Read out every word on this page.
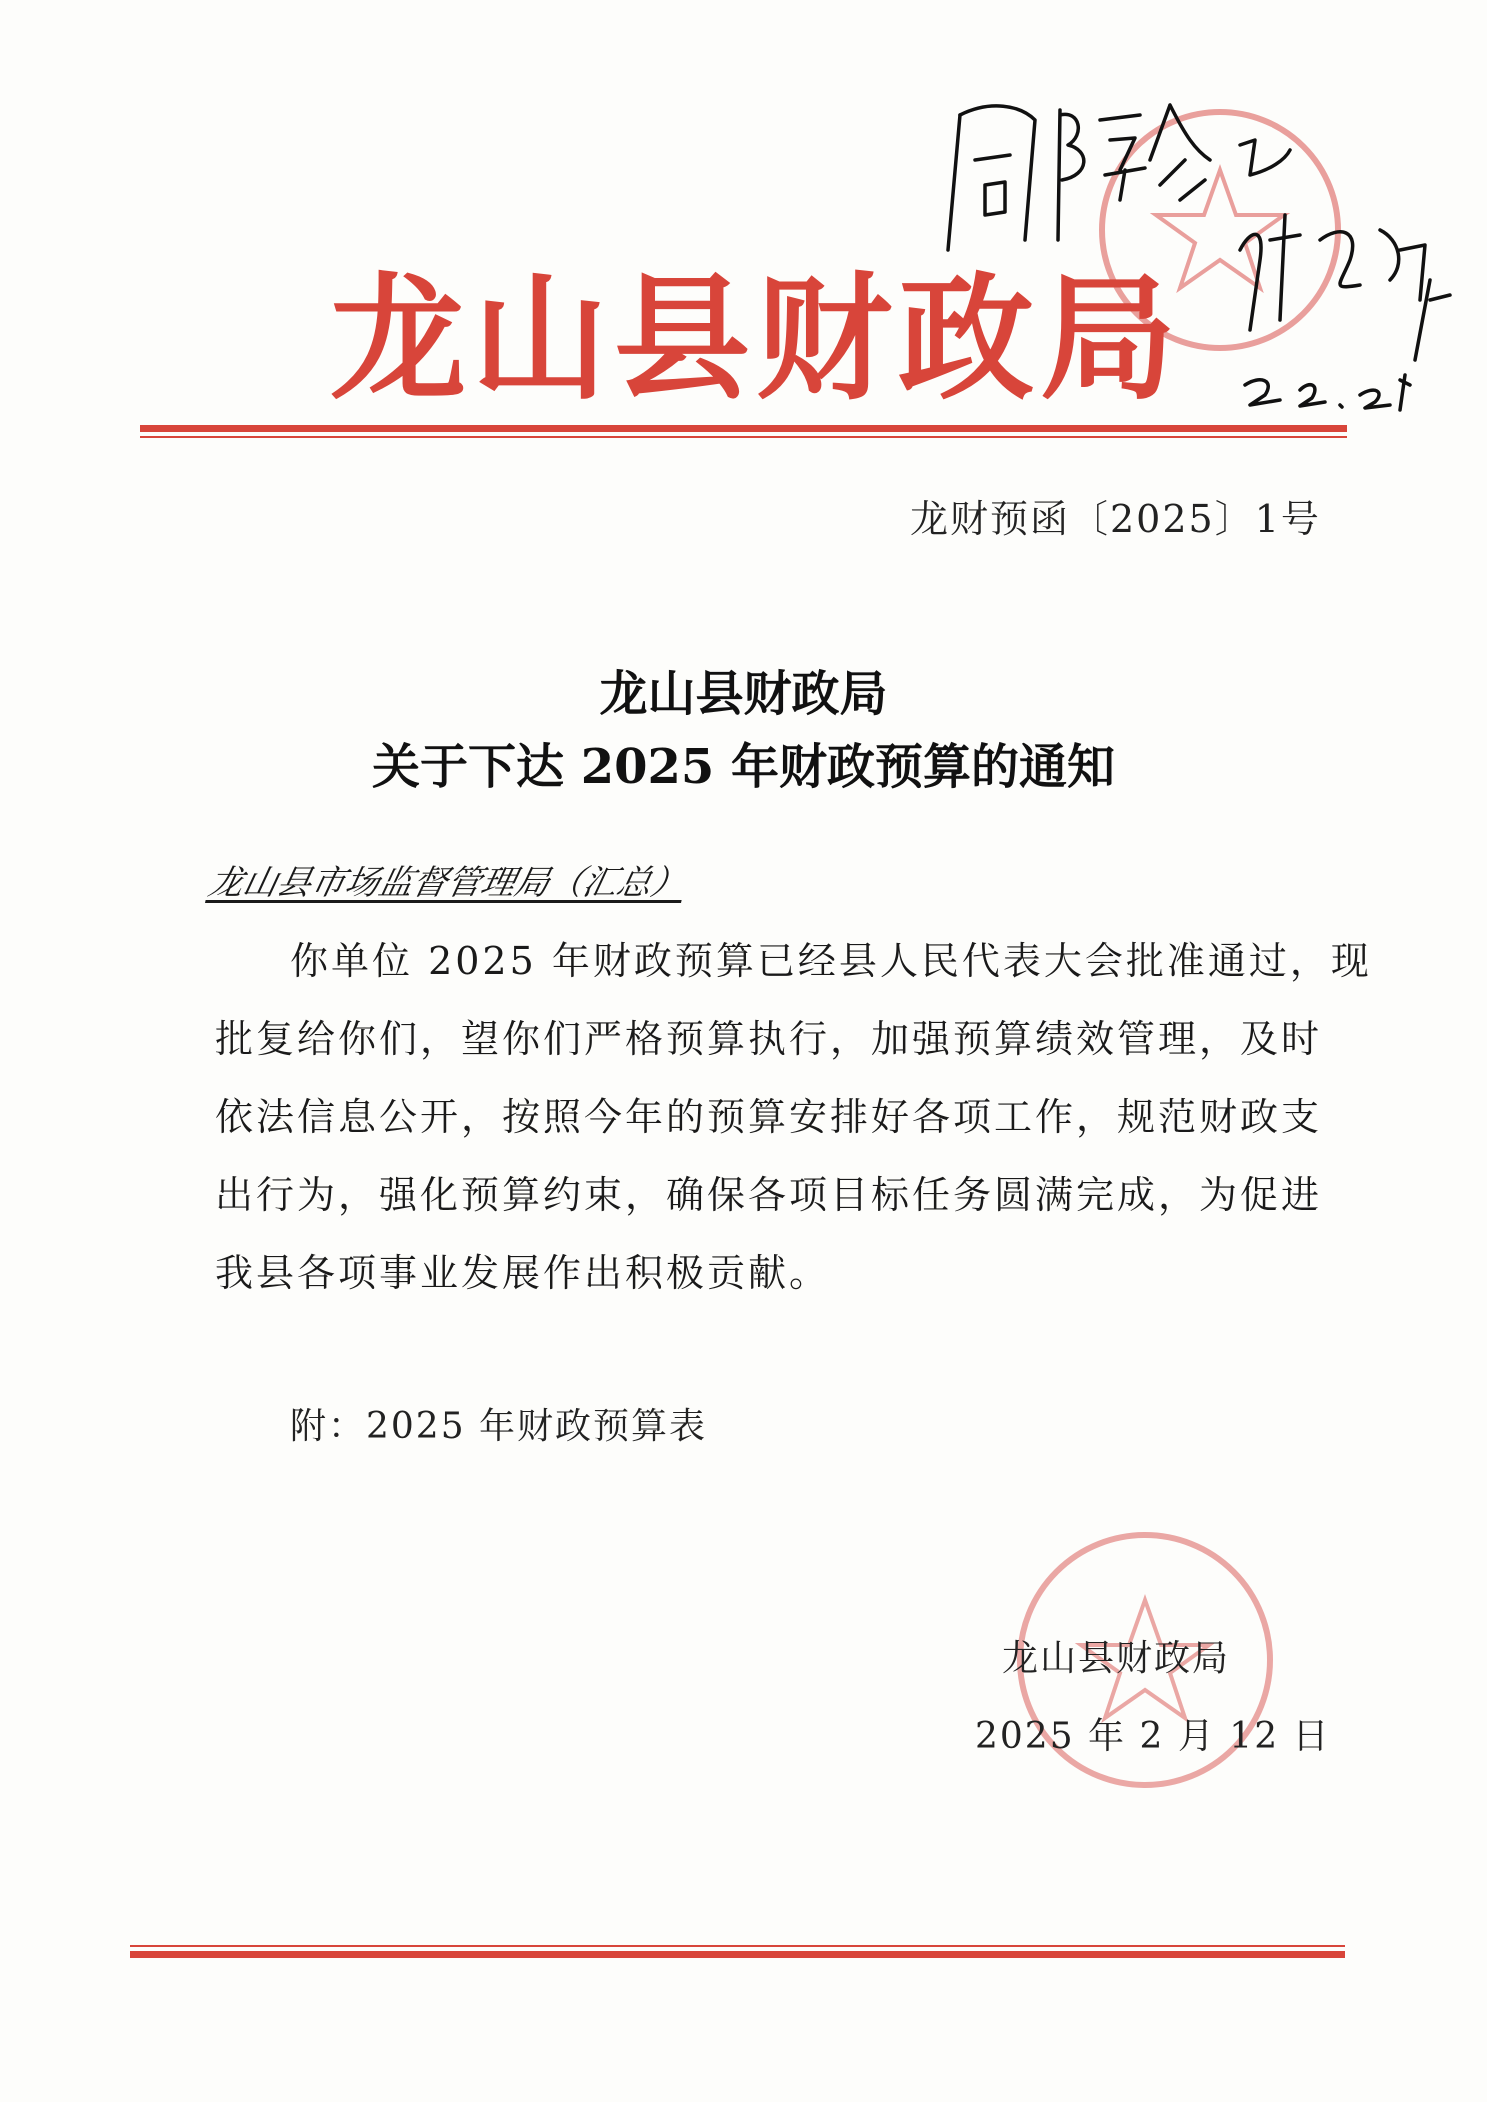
龙山县财政局
龙财预函〔2025〕1号
龙山县财政局
关于下达 2025 年财政预算的通知
龙山县市场监督管理局（汇总）
你单位 2025 年财政预算已经县人民代表大会批准通过，现
批复给你们，望你们严格预算执行，加强预算绩效管理，及时
依法信息公开，按照今年的预算安排好各项工作，规范财政支
出行为，强化预算约束，确保各项目标任务圆满完成，为促进
我县各项事业发展作出积极贡献。
附：2025 年财政预算表
龙山县财政局
2025 年 2 月 12 日
